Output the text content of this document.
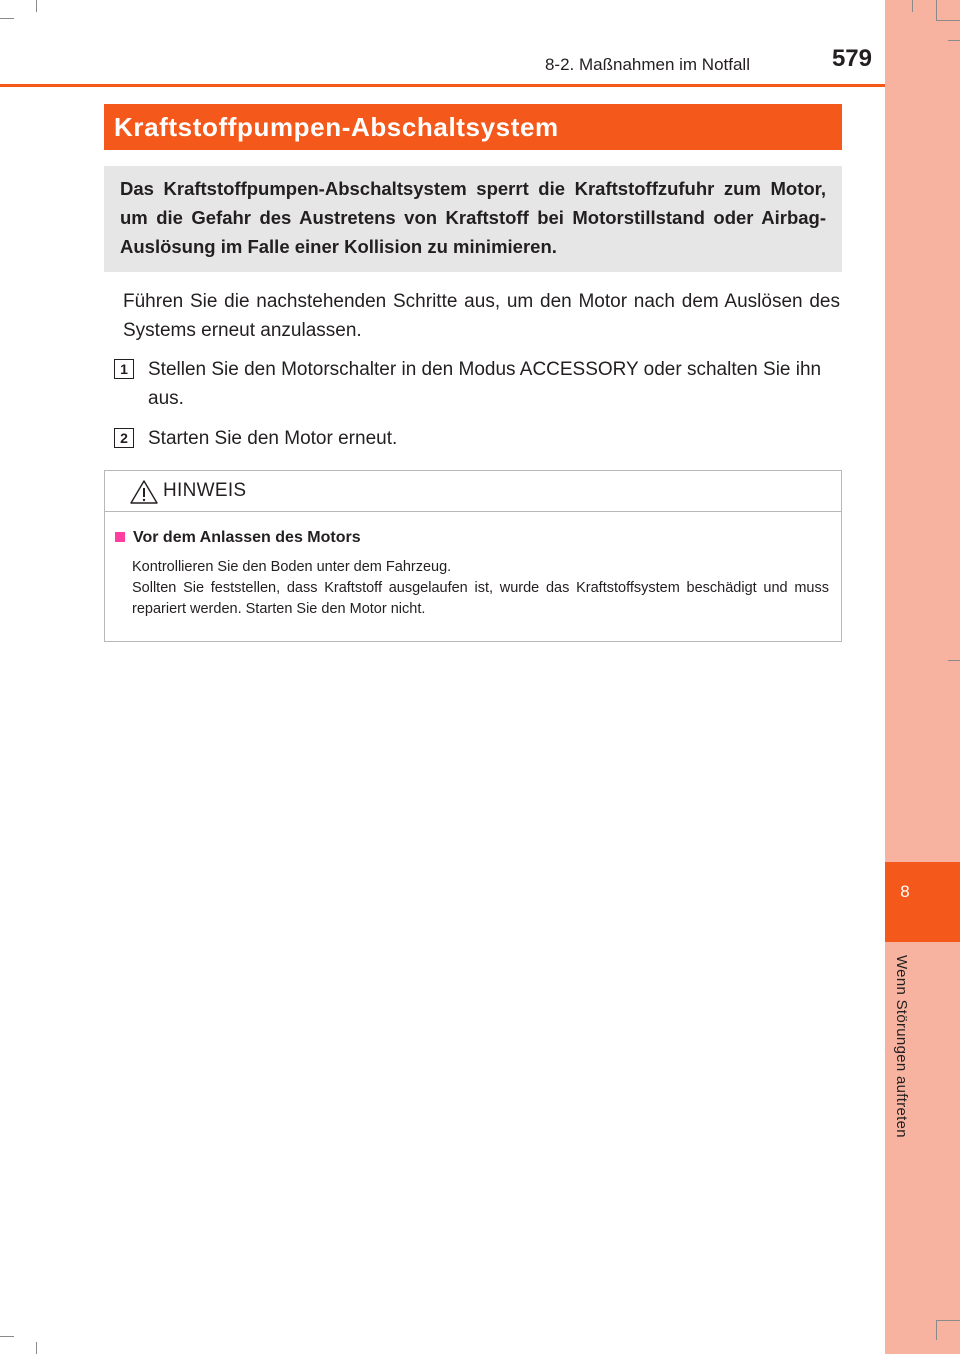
8
Wenn Störungen auftreten
8-2. Maßnahmen im Notfall	579
Kraftstoffpumpen-Abschaltsystem
Das Kraftstoffpumpen-Abschaltsystem sperrt die Kraftstoffzufuhr zum Motor, um die Gefahr des Austretens von Kraftstoff bei Motorstillstand oder Airbag-Auslösung im Falle einer Kollision zu minimieren.
Führen Sie die nachstehenden Schritte aus, um den Motor nach dem Auslösen des Systems erneut anzulassen.
1	Stellen Sie den Motorschalter in den Modus ACCESSORY oder schalten Sie ihn aus.
2	Starten Sie den Motor erneut.
HINWEIS
Vor dem Anlassen des Motors

Kontrollieren Sie den Boden unter dem Fahrzeug.

Sollten Sie feststellen, dass Kraftstoff ausgelaufen ist, wurde das Kraftstoffsystem beschädigt und muss repariert werden. Starten Sie den Motor nicht.
